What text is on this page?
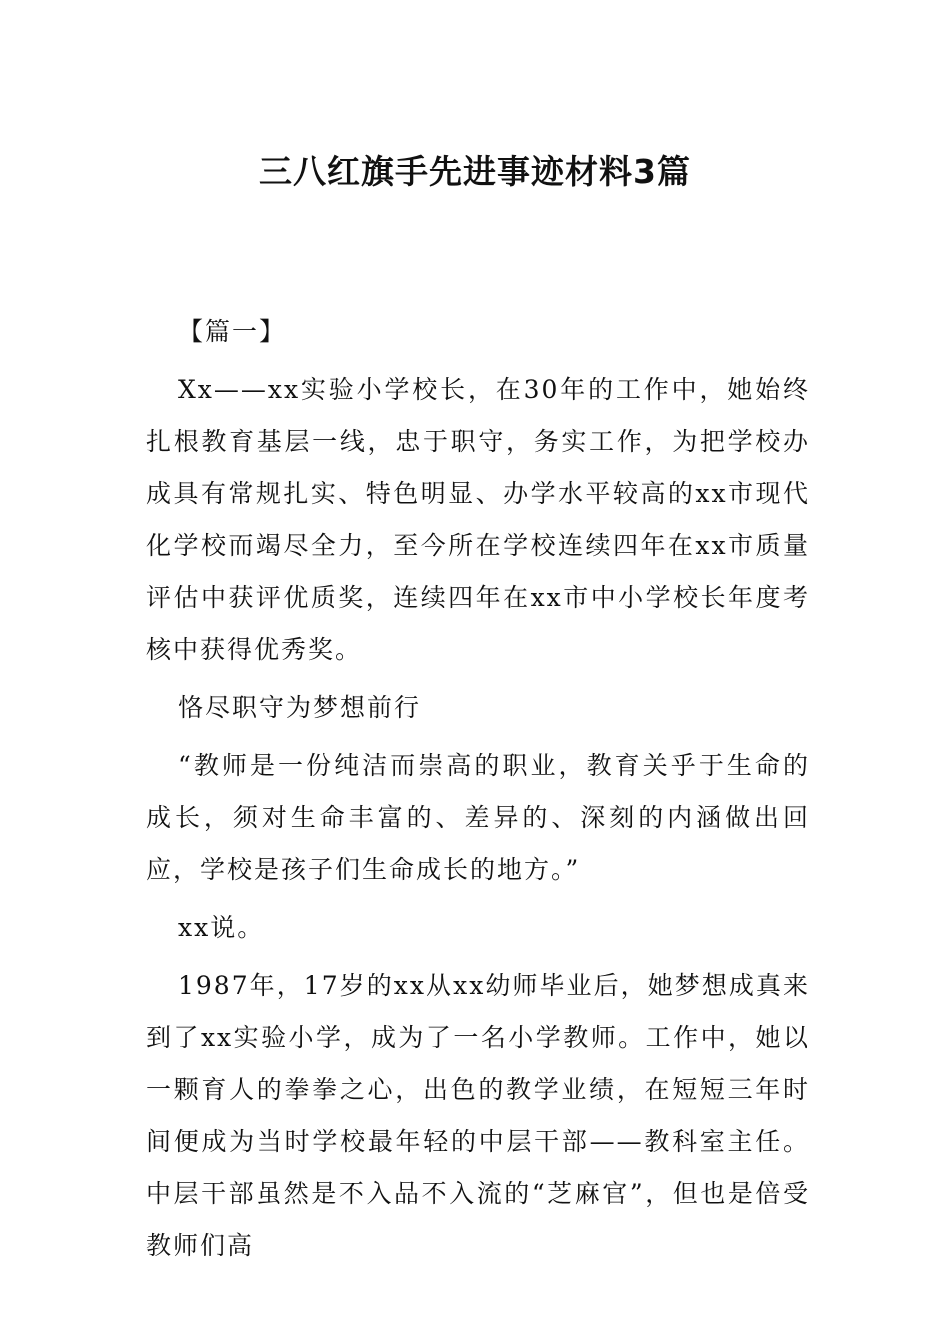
三八红旗手先进事迹材料3篇

【篇一】

Xx——xx实验小学校长，在30年的工作中，她始终扎根教育基层一线，忠于职守，务实工作，为把学校办成具有常规扎实、特色明显、办学水平较高的xx市现代化学校而竭尽全力，至今所在学校连续四年在xx市质量评估中获评优质奖，连续四年在xx市中小学校长年度考核中获得优秀奖。

恪尽职守为梦想前行

“教师是一份纯洁而崇高的职业，教育关乎于生命的成长，须对生命丰富的、差异的、深刻的内涵做出回应，学校是孩子们生命成长的地方。”

xx说。

1987年，17岁的xx从xx幼师毕业后，她梦想成真来到了xx实验小学，成为了一名小学教师。工作中，她以一颗育人的拳拳之心，出色的教学业绩，在短短三年时间便成为当时学校最年轻的中层干部——教科室主任。中层干部虽然是不入品不入流的“芝麻官”，但也是倍受教师们高
